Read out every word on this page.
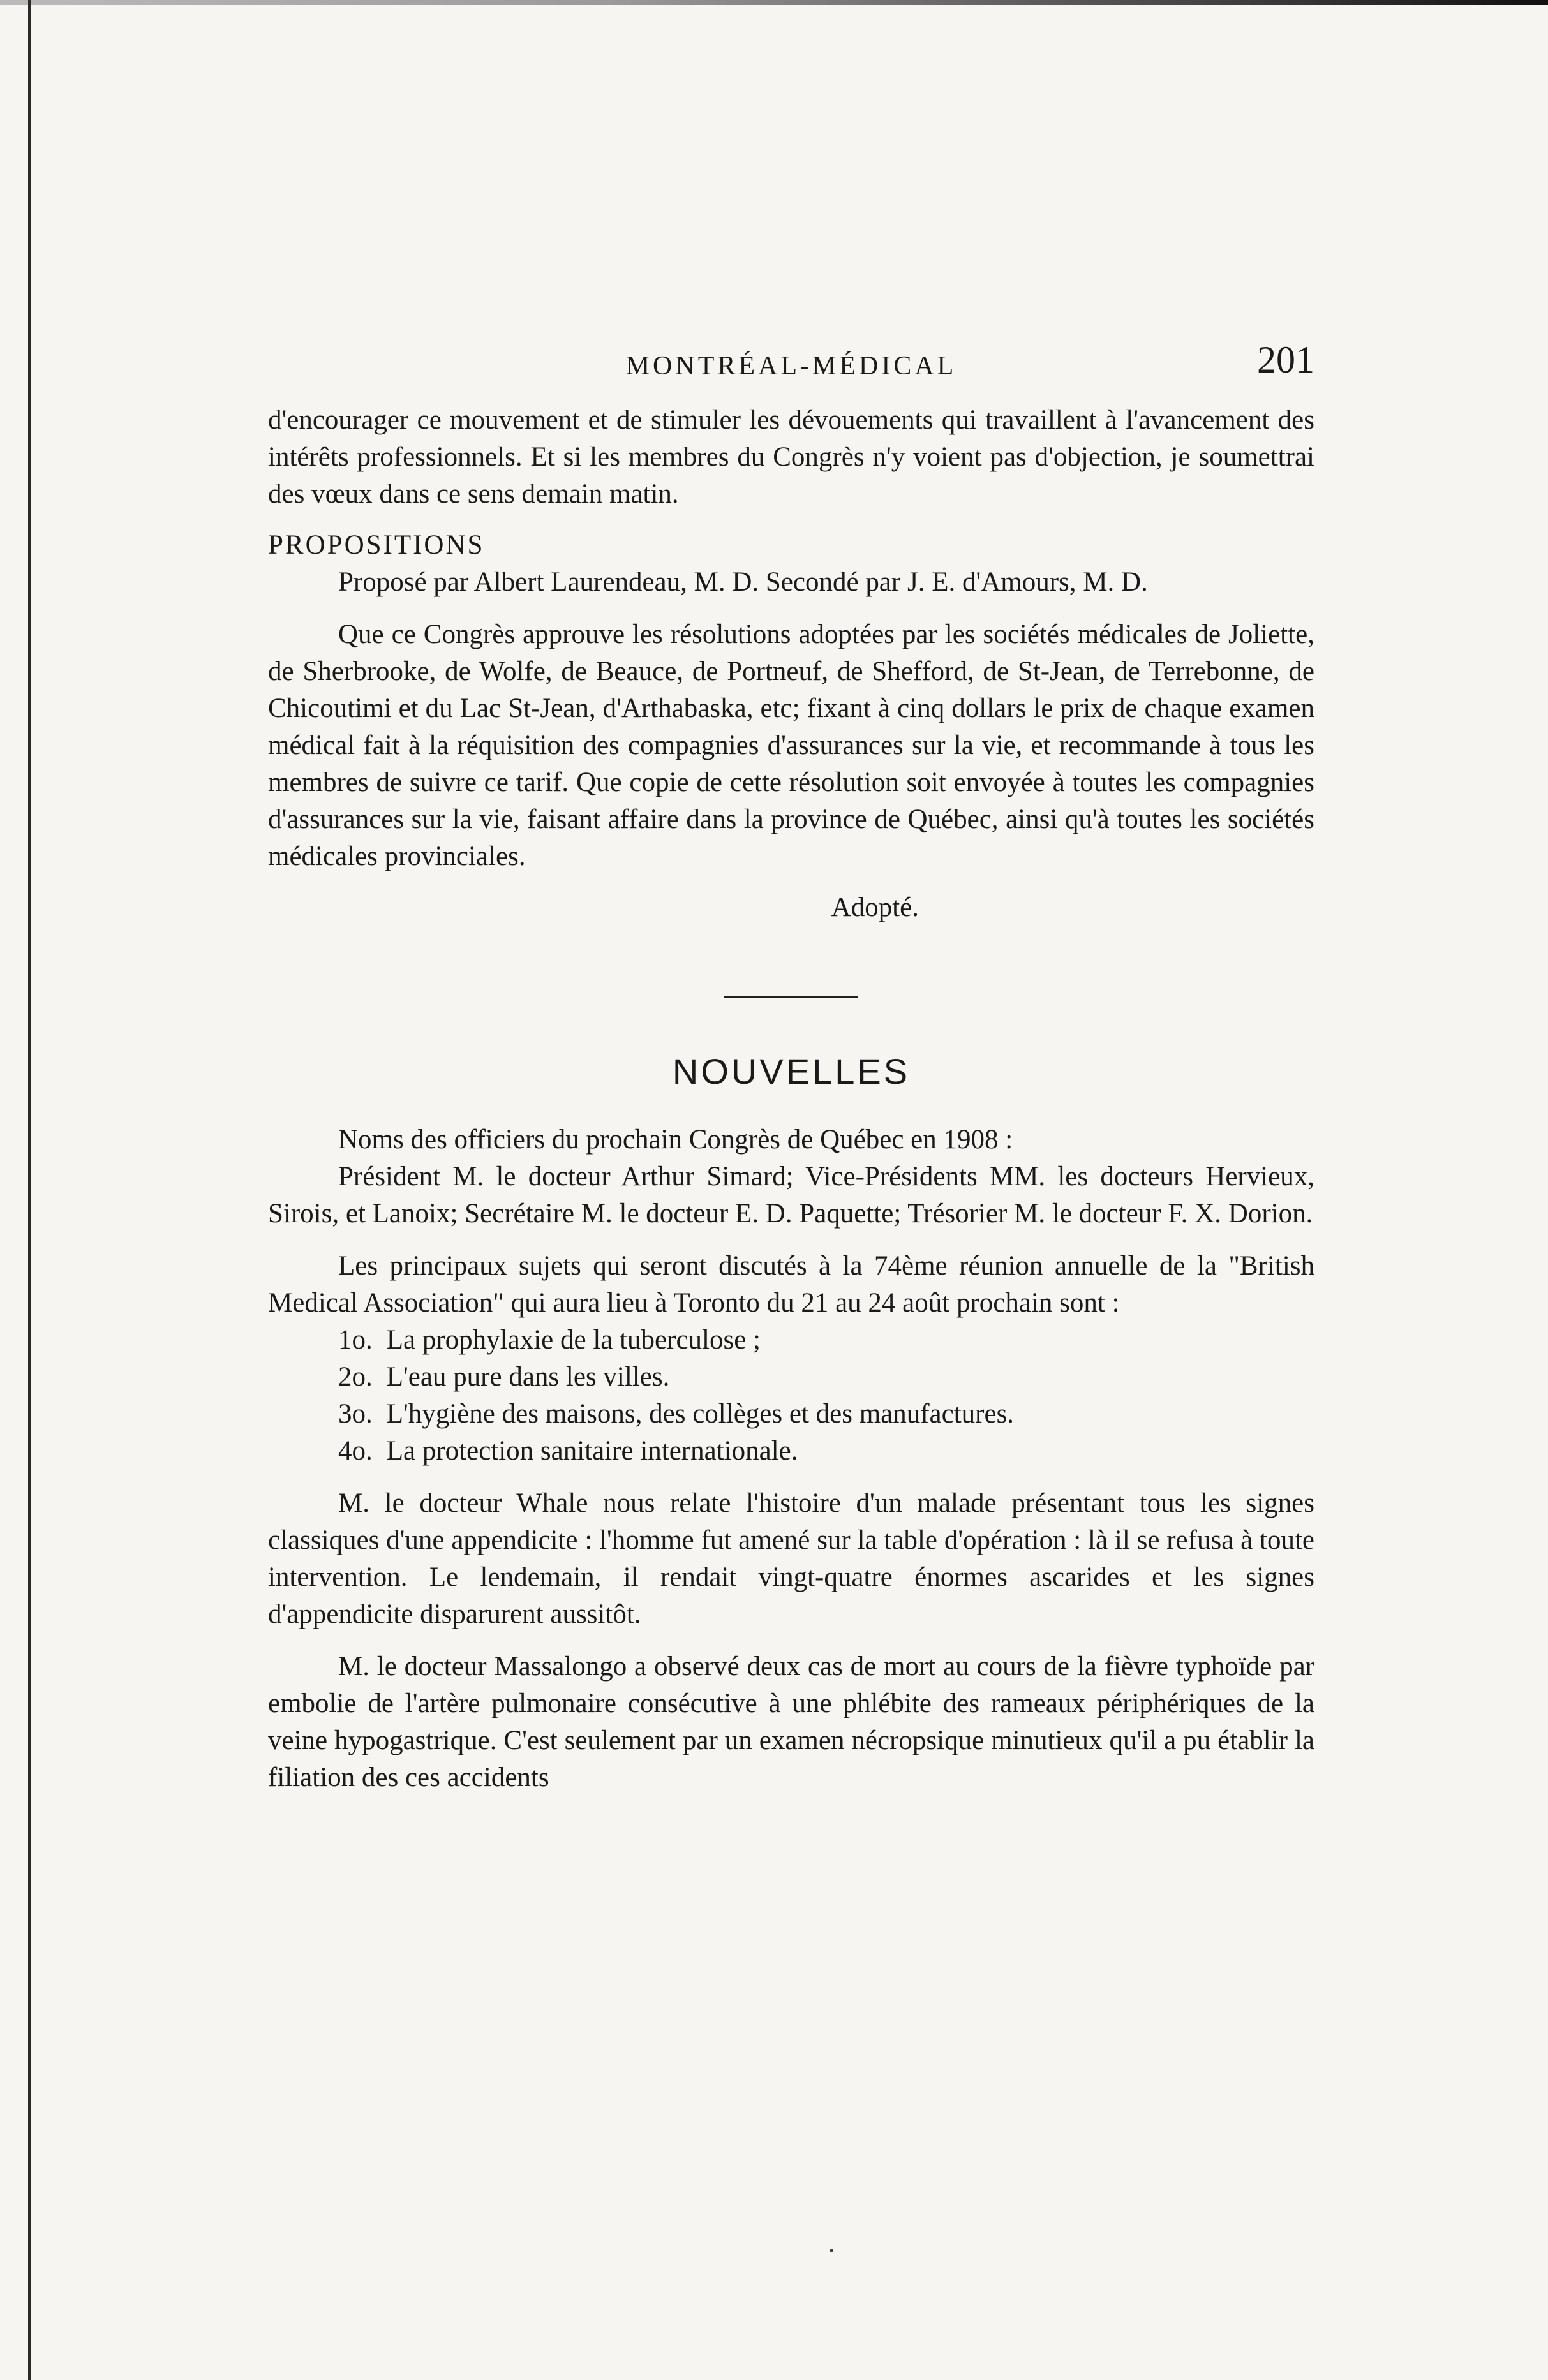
MONTRÉAL-MÉDICAL	201

d'encourager ce mouvement et de stimuler les dévouements qui travaillent à l'avancement des intérêts professionnels. Et si les membres du Congrès n'y voient pas d'objection, je soumettrai des vœux dans ce sens demain matin.

PROPOSITIONS

Proposé par Albert Laurendeau, M. D. Secondé par J. E. d'Amours, M. D.

Que ce Congrès approuve les résolutions adoptées par les sociétés médicales de Joliette, de Sherbrooke, de Wolfe, de Beauce, de Portneuf, de Shefford, de St-Jean, de Terrebonne, de Chicoutimi et du Lac St-Jean, d'Arthabaska, etc; fixant à cinq dollars le prix de chaque examen médical fait à la réquisition des compagnies d'assurances sur la vie, et recommande à tous les membres de suivre ce tarif. Que copie de cette résolution soit envoyée à toutes les compagnies d'assurances sur la vie, faisant affaire dans la province de Québec, ainsi qu'à toutes les sociétés médicales provinciales.

Adopté.
NOUVELLES

Noms des officiers du prochain Congrès de Québec en 1908 :

Président M. le docteur Arthur Simard; Vice-Présidents MM. les docteurs Hervieux, Sirois, et Lanoix; Secrétaire M. le docteur E. D. Paquette; Trésorier M. le docteur F. X. Dorion.

Les principaux sujets qui seront discutés à la 74ème réunion annuelle de la "British Medical Association" qui aura lieu à Toronto du 21 au 24 août prochain sont :

1o. La prophylaxie de la tuberculose ;
2o. L'eau pure dans les villes.
3o. L'hygiène des maisons, des collèges et des manufactures.
4o. La protection sanitaire internationale.

M. le docteur Whale nous relate l'histoire d'un malade présentant tous les signes classiques d'une appendicite : l'homme fut amené sur la table d'opération : là il se refusa à toute intervention. Le lendemain, il rendait vingt-quatre énormes ascarides et les signes d'appendicite disparurent aussitôt.

M. le docteur Massalongo a observé deux cas de mort au cours de la fièvre typhoïde par embolie de l'artère pulmonaire consécutive à une phlébite des rameaux périphériques de la veine hypogastrique. C'est seulement par un examen nécropsique minutieux qu'il a pu établir la filiation des ces accidents
